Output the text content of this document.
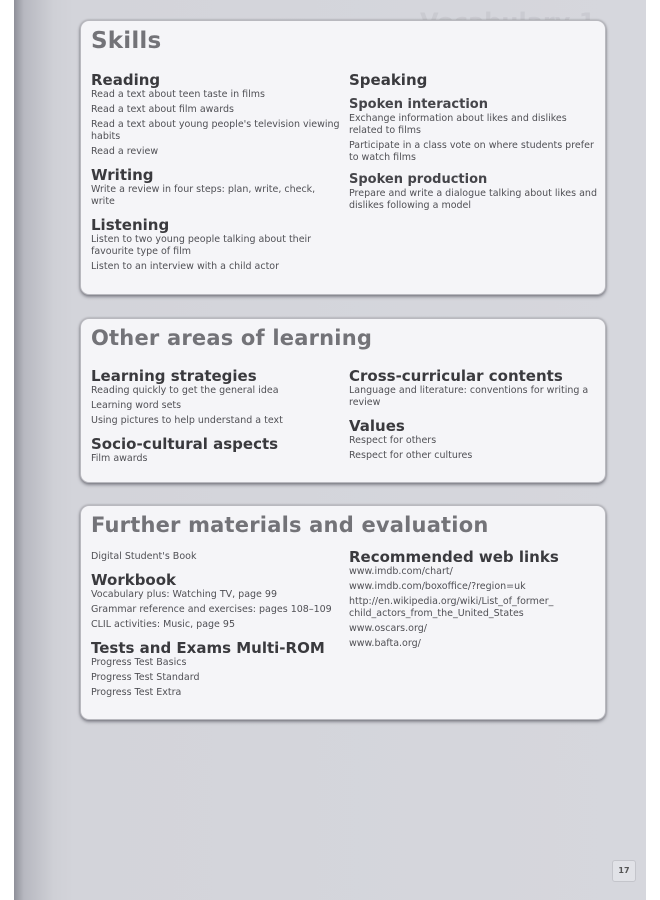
Skills
Reading
Read a text about teen taste in films
Read a text about film awards
Read a text about young people's television viewing habits
Read a review
Writing
Write a review in four steps: plan, write, check, write
Listening
Listen to two young people talking about their favourite type of film
Listen to an interview with a child actor
Speaking
Spoken interaction
Exchange information about likes and dislikes related to films
Participate in a class vote on where students prefer to watch films
Spoken production
Prepare and write a dialogue talking about likes and dislikes following a model
Other areas of learning
Learning strategies
Reading quickly to get the general idea
Learning word sets
Using pictures to help understand a text
Socio-cultural aspects
Film awards
Cross-curricular contents
Language and literature: conventions for writing a review
Values
Respect for others
Respect for other cultures
Further materials and evaluation
Digital Student's Book
Workbook
Vocabulary plus: Watching TV, page 99
Grammar reference and exercises: pages 108–109
CLIL activities: Music, page 95
Tests and Exams Multi-ROM
Progress Test Basics
Progress Test Standard
Progress Test Extra
Recommended web links
www.imdb.com/chart/
www.imdb.com/boxoffice/?region=uk
http://en.wikipedia.org/wiki/List_of_former_ child_actors_from_the_United_States
www.oscars.org/
www.bafta.org/
17
